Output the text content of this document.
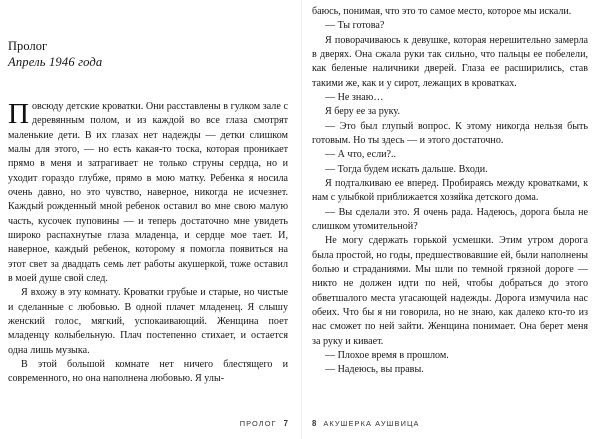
Пролог
Апрель 1946 года

Повсюду детские кроватки. Они расставлены в гулком зале с деревянным полом, и из каждой во все глаза смотрят маленькие дети. В их глазах нет надежды — детки слишком малы для этого, — но есть какая-то тоска, которая проникает прямо в меня и затрагивает не только струны сердца, но и уходит гораздо глубже, прямо в мою матку. Ребенка я носила очень давно, но это чувство, наверное, никогда не исчезнет. Каждый рожденный мной ребенок оставил во мне свою малую часть, кусочек пуповины — и теперь достаточно мне увидеть широко распахнутые глаза младенца, и сердце мое тает. И, наверное, каждый ребенок, которому я помогла появиться на этот свет за двадцать семь лет работы акушеркой, тоже оставил в моей душе свой след.

Я вхожу в эту комнату. Кроватки грубые и старые, но чистые и сделанные с любовью. В одной плачет младенец. Я слышу женский голос, мягкий, успокаивающий. Женщина поет младенцу колыбельную. Плач постепенно стихает, и остается одна лишь музыка.

В этой большой комнате нет ничего блестящего и современного, но она наполнена любовью. Я улы-

ПРОЛОГ 7

баюсь, понимая, что это то самое место, которое мы искали.

— Ты готова?

Я поворачиваюсь к девушке, которая нерешительно замерла в дверях. Она сжала руки так сильно, что пальцы ее побелели, как беленые наличники дверей. Глаза ее расширились, став такими же, как и у сирот, лежащих в кроватках.

— Не знаю…

Я беру ее за руку.

— Это был глупый вопрос. К этому никогда нельзя быть готовым. Но ты здесь — и этого достаточно.

— А что, если?..

— Тогда будем искать дальше. Входи.

Я подталкиваю ее вперед. Пробираясь между кроватками, к нам с улыбкой приближается хозяйка детского дома.

— Вы сделали это. Я очень рада. Надеюсь, дорога была не слишком утомительной?

Не могу сдержать горькой усмешки. Этим утром дорога была простой, но годы, предшествовавшие ей, были наполнены болью и страданиями. Мы шли по темной грязной дороге — никто не должен идти по ней, чтобы добраться до этого обветшалого места угасающей надежды. Дорога измучила нас обеих. Что бы я ни говорила, но не знаю, как далеко кто-то из нас сможет по ней зайти. Женщина понимает. Она берет меня за руку и кивает.

— Плохое время в прошлом.

— Надеюсь, вы правы.

8 АКУШЕРКА АУШВИЦА
